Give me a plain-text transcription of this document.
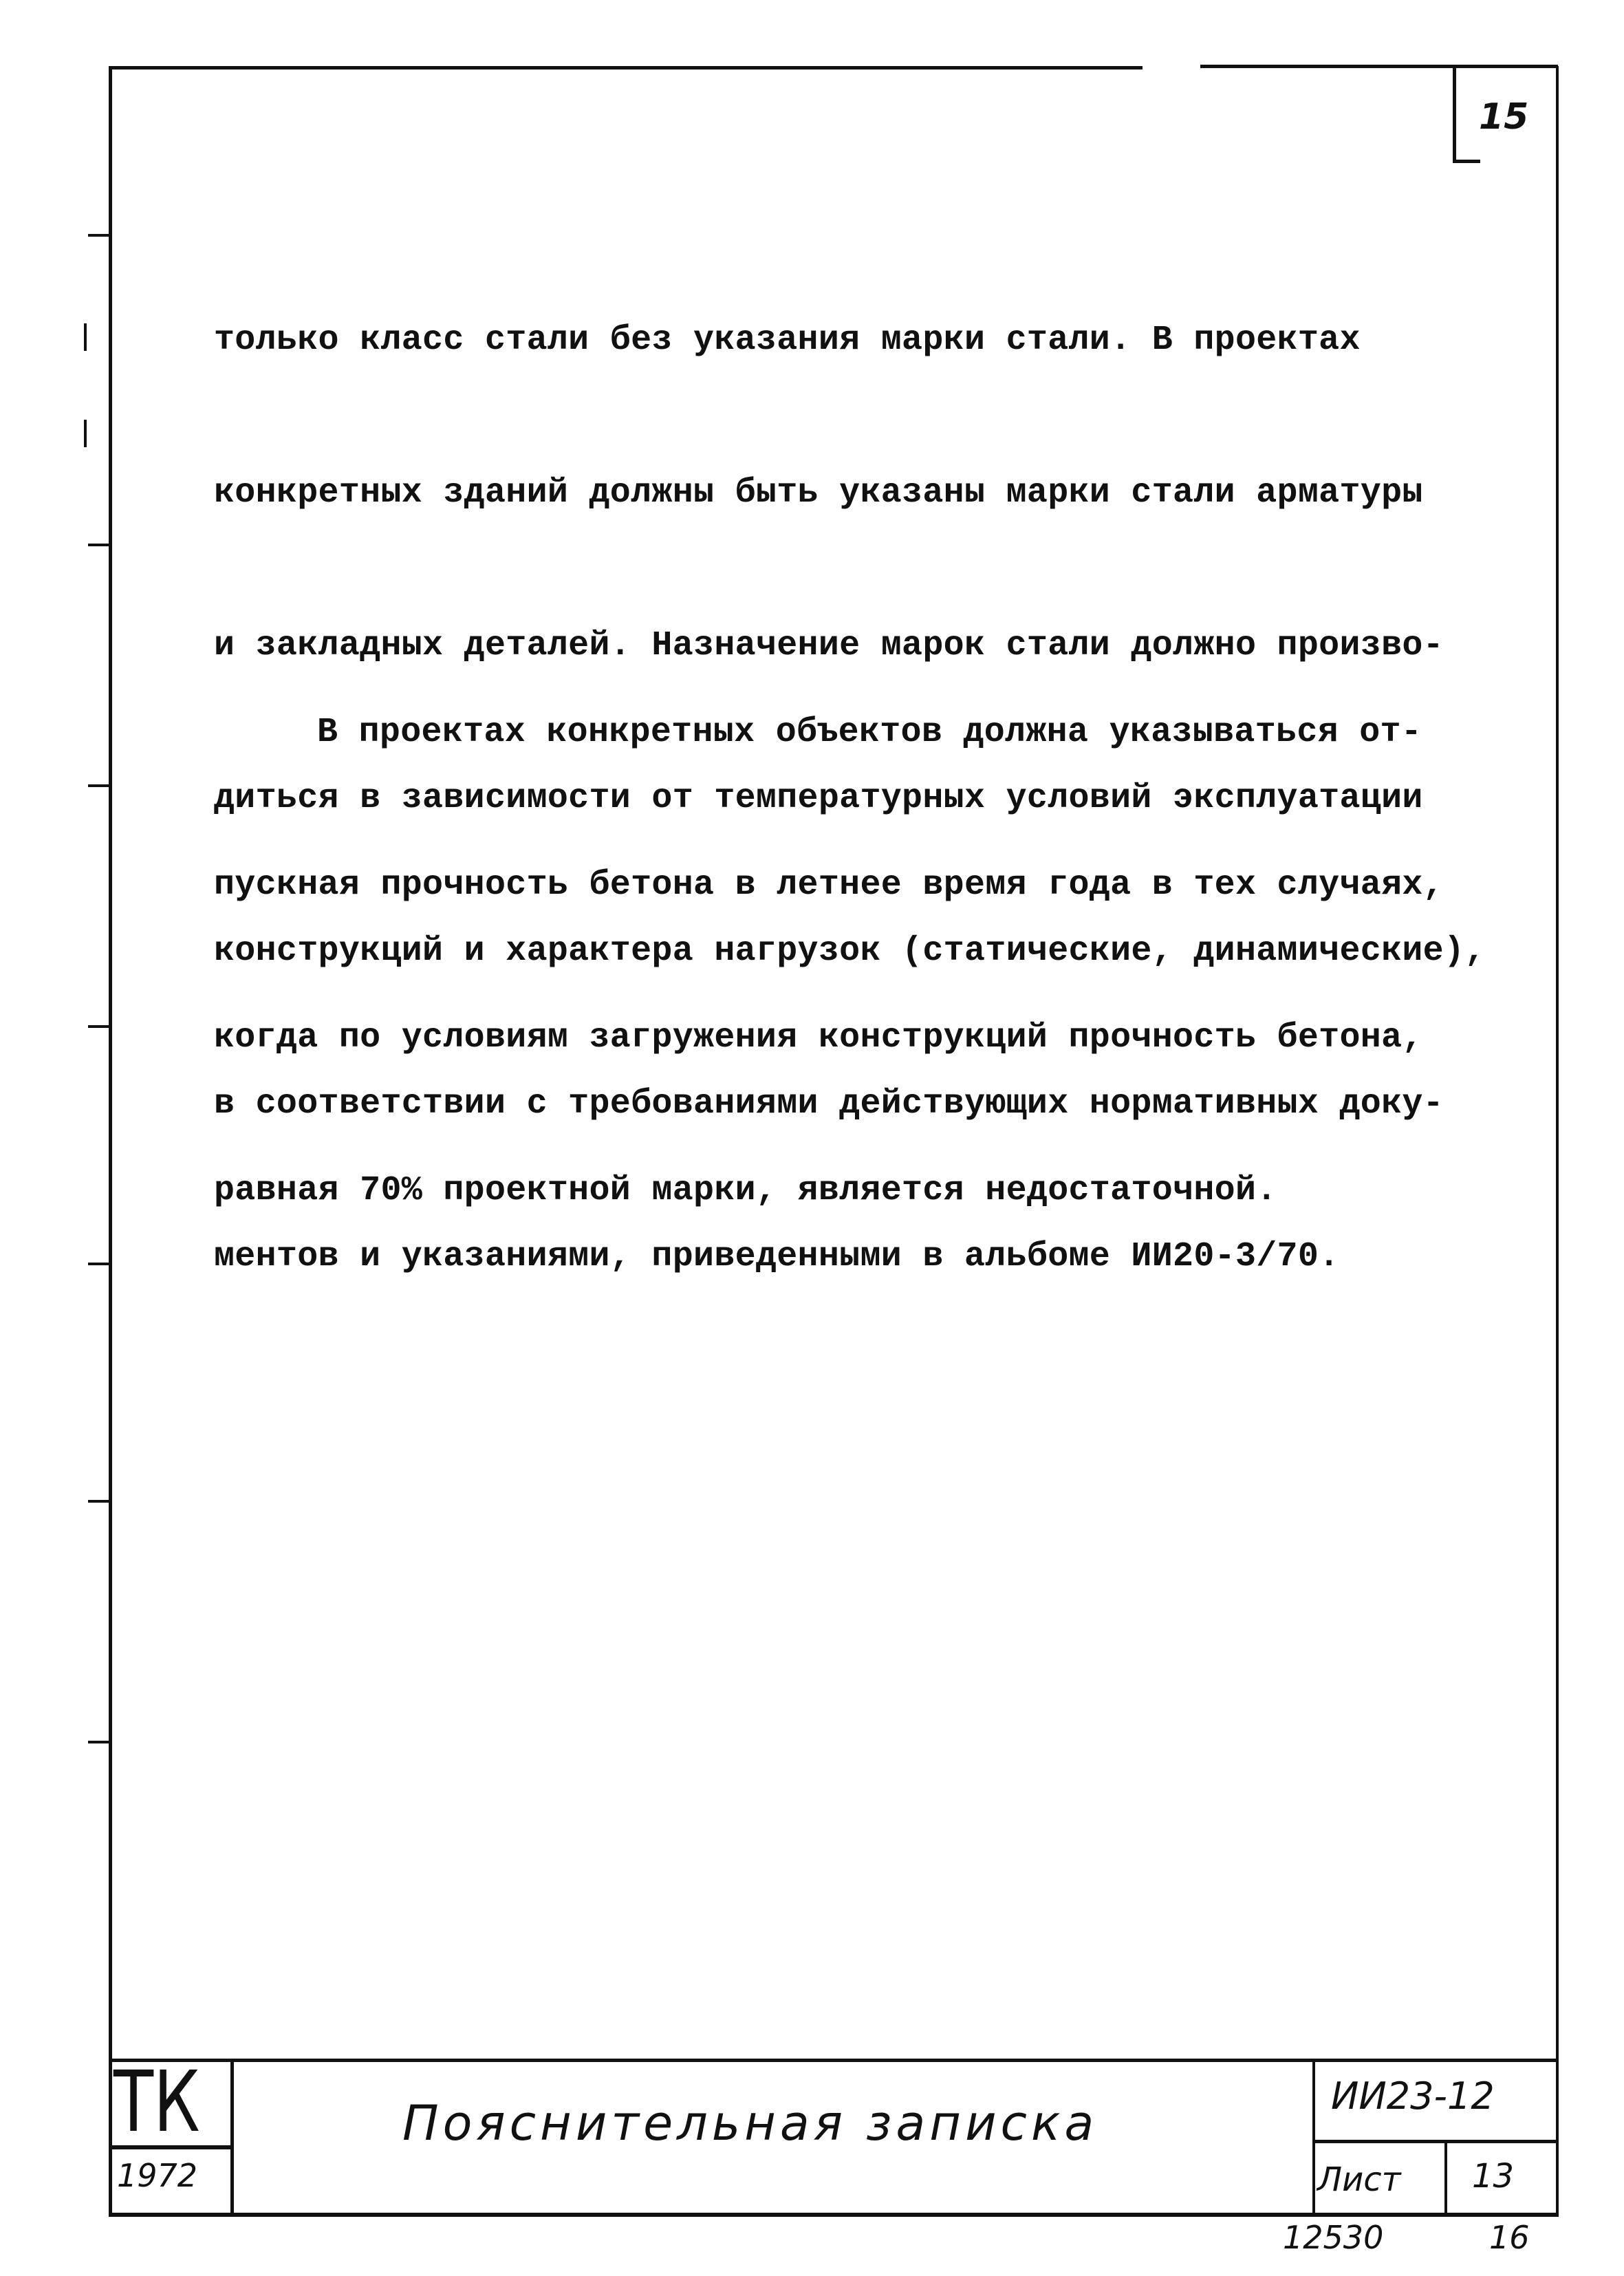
15

только класс стали без указания марки стали. В проектах

конкретных зданий должны быть указаны марки стали арматуры

и закладных деталей. Назначение марок стали должно произво-

диться в зависимости от температурных условий эксплуатации

конструкций и характера нагрузок (статические, динамические),

в соответствии с требованиями действующих нормативных доку-

ментов и указаниями, приведенными в альбоме ИИ20-3/70.

В проектах конкретных объектов должна указываться от-

пускная прочность бетона в летнее время года в тех случаях,

когда по условиям загружения конструкций прочность бетона,

равная 70% проектной марки, является недостаточной.

ТК
1972
Пояснительная записка	ИИ23-12
Лист 13
12530	16
